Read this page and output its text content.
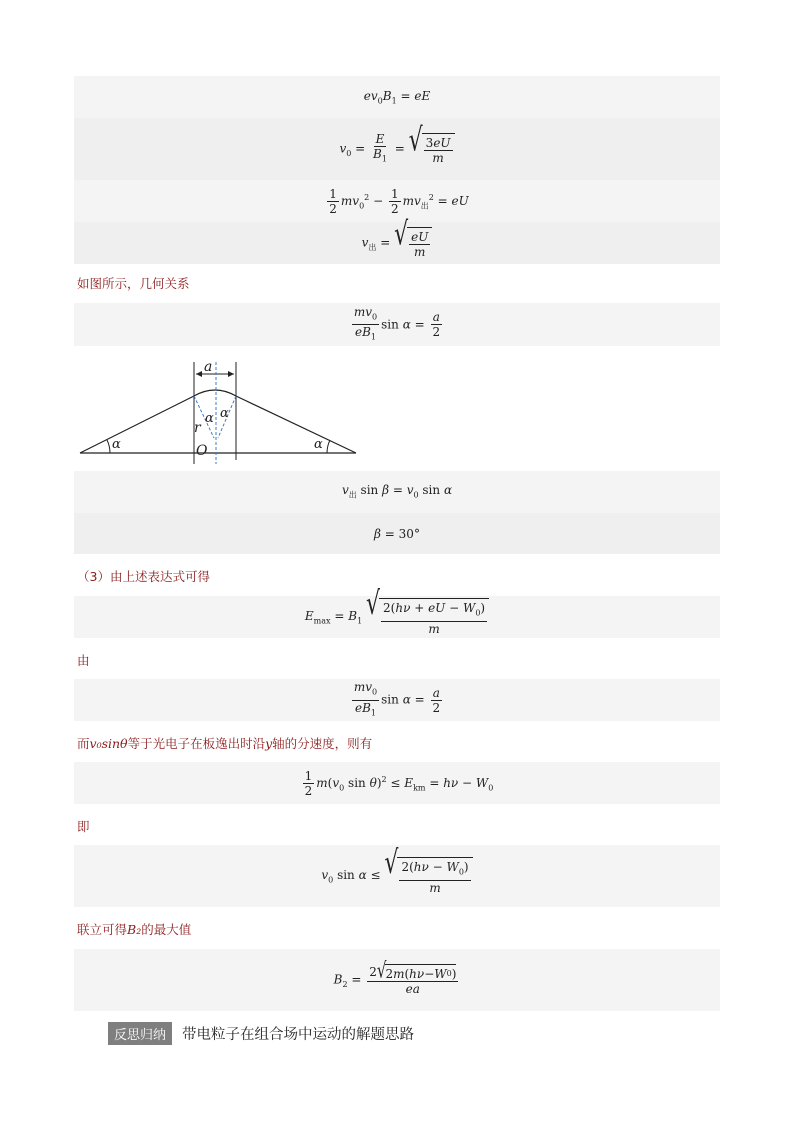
$ev_0B_1$ = eE
$v_0 = \frac{E}{B_1}$ = √ $\frac{3eU}{m}$
$\frac{1}{2} mv_0^2 - \frac{1}{2} mv_出^2$ = eU
$v_出$ = √ $\frac{eU}{m}$
如图所示，几何关系
$\frac{mv_0}{eB_1}$ $\sin \alpha = \frac{a}{2}$
a
α	α
α α
r
O
$v_出$ $\sin \beta = v_0$ sin α
β = 30°
（3）由上述表达式可得
$E_{max} = B_1$ √ $\frac{2(h\nu + eU - W_0)}{m}$
由
$\frac{mv_0}{eB_1}$ $\sin \alpha = \frac{a}{2}$
而v₀sinθ等于光电子在板逸出时沿y轴的分速度，则有
$\frac{1}{2} m(v_0$ $\sin \theta)^2 \le E_{km} = h\nu - W_0$
即
$v_0$ sin α ≤ √ $\frac{2(h\nu - W_0)}{m}$
联立可得B₂的最大值
$B_2 = \frac{2 √ 2 m ( h\nu - W 0 )}{ea}$
反思归纳	带电粒子在组合场中运动的解题思路
